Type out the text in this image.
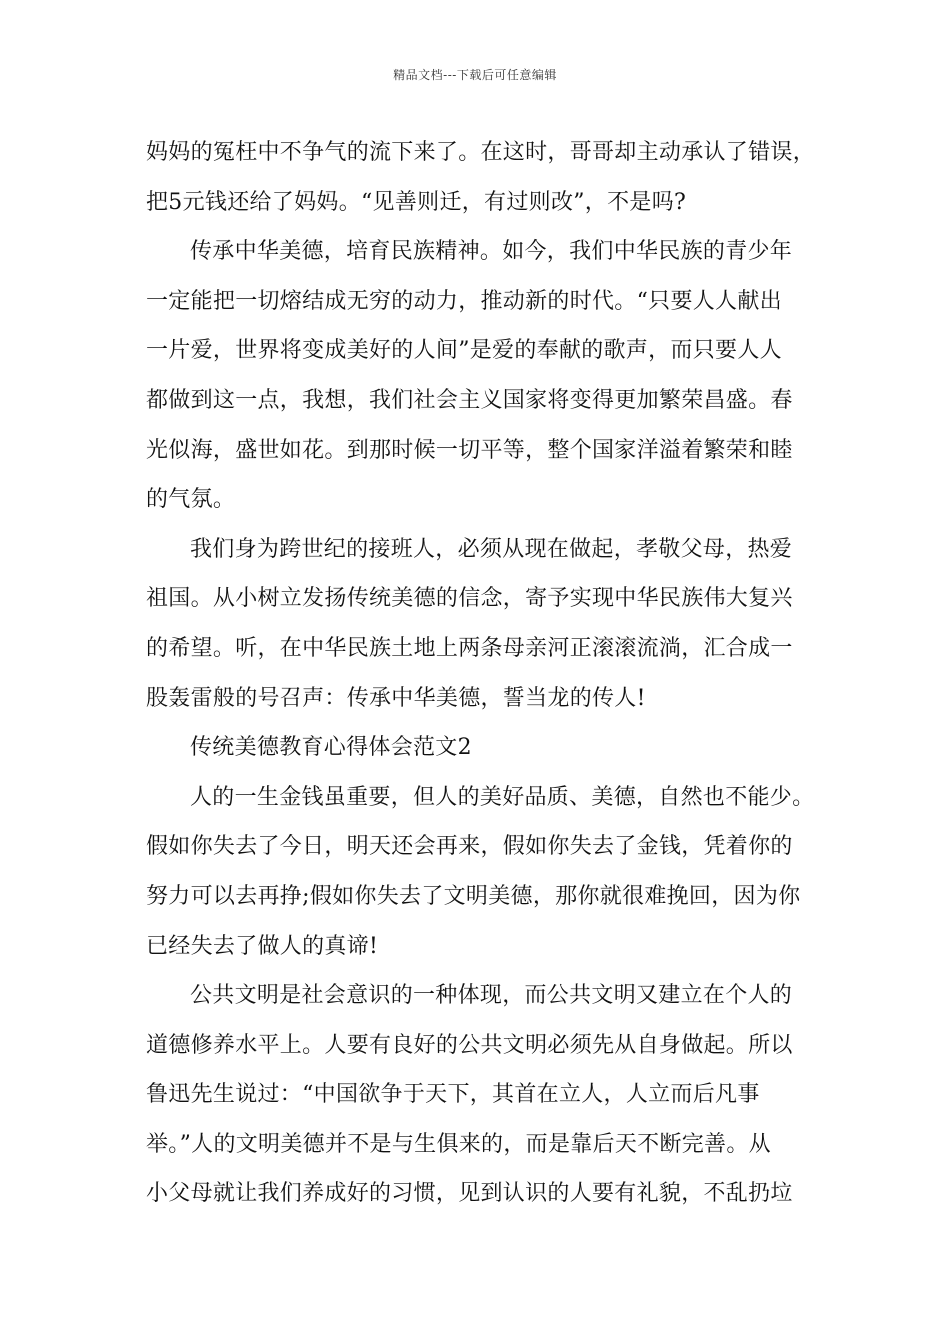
精品文档---下载后可任意编辑
妈妈的冤枉中不争气的流下来了。在这时，哥哥却主动承认了错误，
把5元钱还给了妈妈。“见善则迁，有过则改”，不是吗?
传承中华美德，培育民族精神。如今，我们中华民族的青少年
一定能把一切熔结成无穷的动力，推动新的时代。“只要人人献出
一片爱，世界将变成美好的人间”是爱的奉献的歌声，而只要人人
都做到这一点，我想，我们社会主义国家将变得更加繁荣昌盛。春
光似海，盛世如花。到那时候一切平等，整个国家洋溢着繁荣和睦
的气氛。
我们身为跨世纪的接班人，必须从现在做起，孝敬父母，热爱
祖国。从小树立发扬传统美德的信念，寄予实现中华民族伟大复兴
的希望。听，在中华民族土地上两条母亲河正滚滚流淌，汇合成一
股轰雷般的号召声：传承中华美德，誓当龙的传人!
传统美德教育心得体会范文2
人的一生金钱虽重要，但人的美好品质、美德，自然也不能少。
假如你失去了今日，明天还会再来，假如你失去了金钱，凭着你的
努力可以去再挣;假如你失去了文明美德，那你就很难挽回，因为你
已经失去了做人的真谛!
公共文明是社会意识的一种体现，而公共文明又建立在个人的
道德修养水平上。人要有良好的公共文明必须先从自身做起。所以
鲁迅先生说过：“中国欲争于天下，其首在立人，人立而后凡事
举。”人的文明美德并不是与生俱来的，而是靠后天不断完善。从
小父母就让我们养成好的习惯，见到认识的人要有礼貌，不乱扔垃
